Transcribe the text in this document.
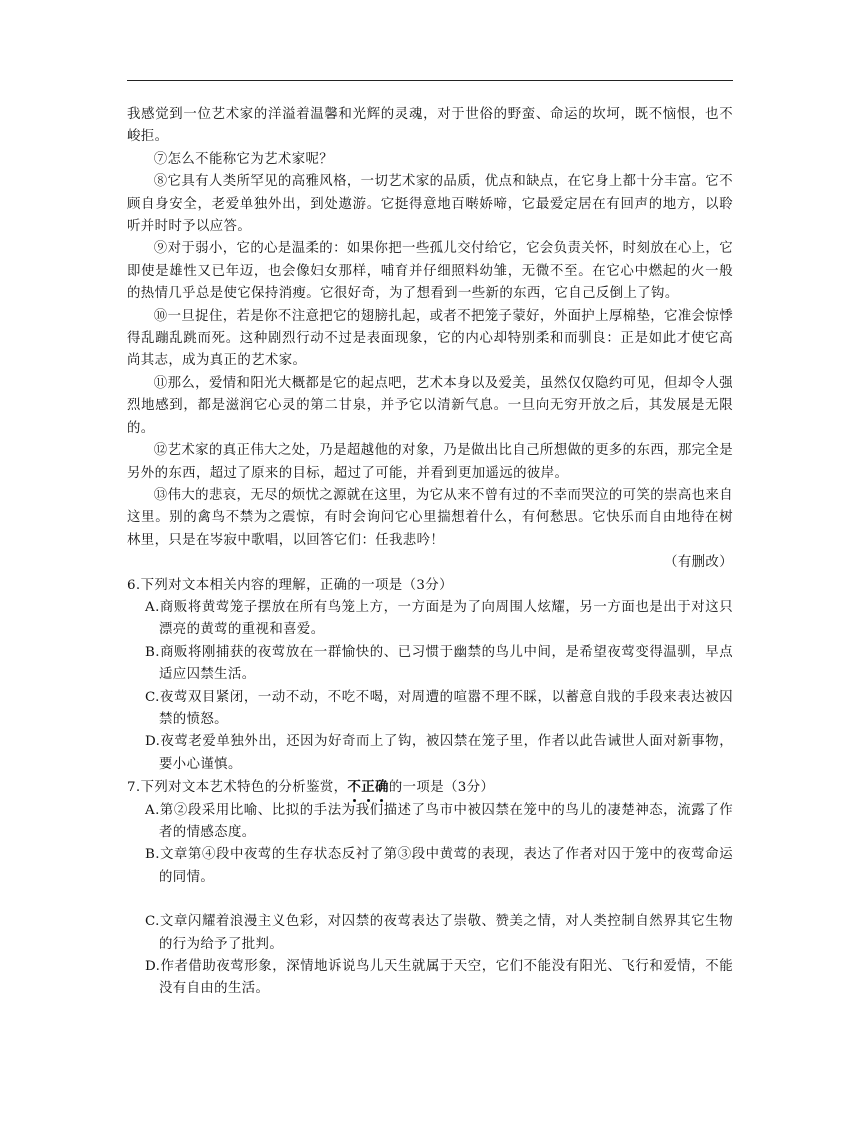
我感觉到一位艺术家的洋溢着温馨和光辉的灵魂，对于世俗的野蛮、命运的坎坷，既不恼恨，也不峻拒。

⑦怎么不能称它为艺术家呢？

⑧它具有人类所罕见的高雅风格，一切艺术家的品质，优点和缺点，在它身上都十分丰富。它不顾自身安全，老爱单独外出，到处遨游。它挺得意地百啭娇啼，它最爱定居在有回声的地方，以聆听并时时予以应答。

⑨对于弱小，它的心是温柔的：如果你把一些孤儿交付给它，它会负责关怀，时刻放在心上，它即使是雄性又已年迈，也会像妇女那样，哺育并仔细照料幼雏，无微不至。在它心中燃起的火一般的热情几乎总是使它保持消瘦。它很好奇，为了想看到一些新的东西，它自己反倒上了钩。

⑩一旦捉住，若是你不注意把它的翅膀扎起，或者不把笼子蒙好，外面护上厚棉垫，它准会惊悸得乱蹦乱跳而死。这种剧烈行动不过是表面现象，它的内心却特别柔和而驯良：正是如此才使它高尚其志，成为真正的艺术家。

⑪那么，爱情和阳光大概都是它的起点吧，艺术本身以及爱美，虽然仅仅隐约可见，但却令人强烈地感到，都是滋润它心灵的第二甘泉，并予它以清新气息。一旦向无穷开放之后，其发展是无限的。

⑫艺术家的真正伟大之处，乃是超越他的对象，乃是做出比自己所想做的更多的东西，那完全是另外的东西，超过了原来的目标，超过了可能，并看到更加遥远的彼岸。

⑬伟大的悲哀，无尽的烦忧之源就在这里，为它从来不曾有过的不幸而哭泣的可笑的崇高也来自这里。别的禽鸟不禁为之震惊，有时会询问它心里揣想着什么，有何愁思。它快乐而自由地待在树林里，只是在岑寂中歌唱，以回答它们：任我悲吟！

（有删改）

6.下列对文本相关内容的理解，正确的一项是（3分）

A.商贩将黄莺笼子摆放在所有鸟笼上方，一方面是为了向周围人炫耀，另一方面也是出于对这只漂亮的黄莺的重视和喜爱。

B.商贩将刚捕获的夜莺放在一群愉快的、已习惯于幽禁的鸟儿中间，是希望夜莺变得温驯，早点适应囚禁生活。

C.夜莺双目紧闭，一动不动，不吃不喝，对周遭的喧嚣不理不睬，以蓄意自戕的手段来表达被囚禁的愤怒。

D.夜莺老爱单独外出，还因为好奇而上了钩，被囚禁在笼子里，作者以此告诫世人面对新事物，要小心谨慎。

7.下列对文本艺术特色的分析鉴赏，不正确的一项是（3分）

A.第②段采用比喻、比拟的手法为我们描述了鸟市中被囚禁在笼中的鸟儿的凄楚神态，流露了作者的情感态度。

B.文章第④段中夜莺的生存状态反衬了第③段中黄莺的表现，表达了作者对囚于笼中的夜莺命运的同情。

C.文章闪耀着浪漫主义色彩，对囚禁的夜莺表达了崇敬、赞美之情，对人类控制自然界其它生物的行为给予了批判。

D.作者借助夜莺形象，深情地诉说鸟儿天生就属于天空，它们不能没有阳光、飞行和爱情，不能没有自由的生活。
